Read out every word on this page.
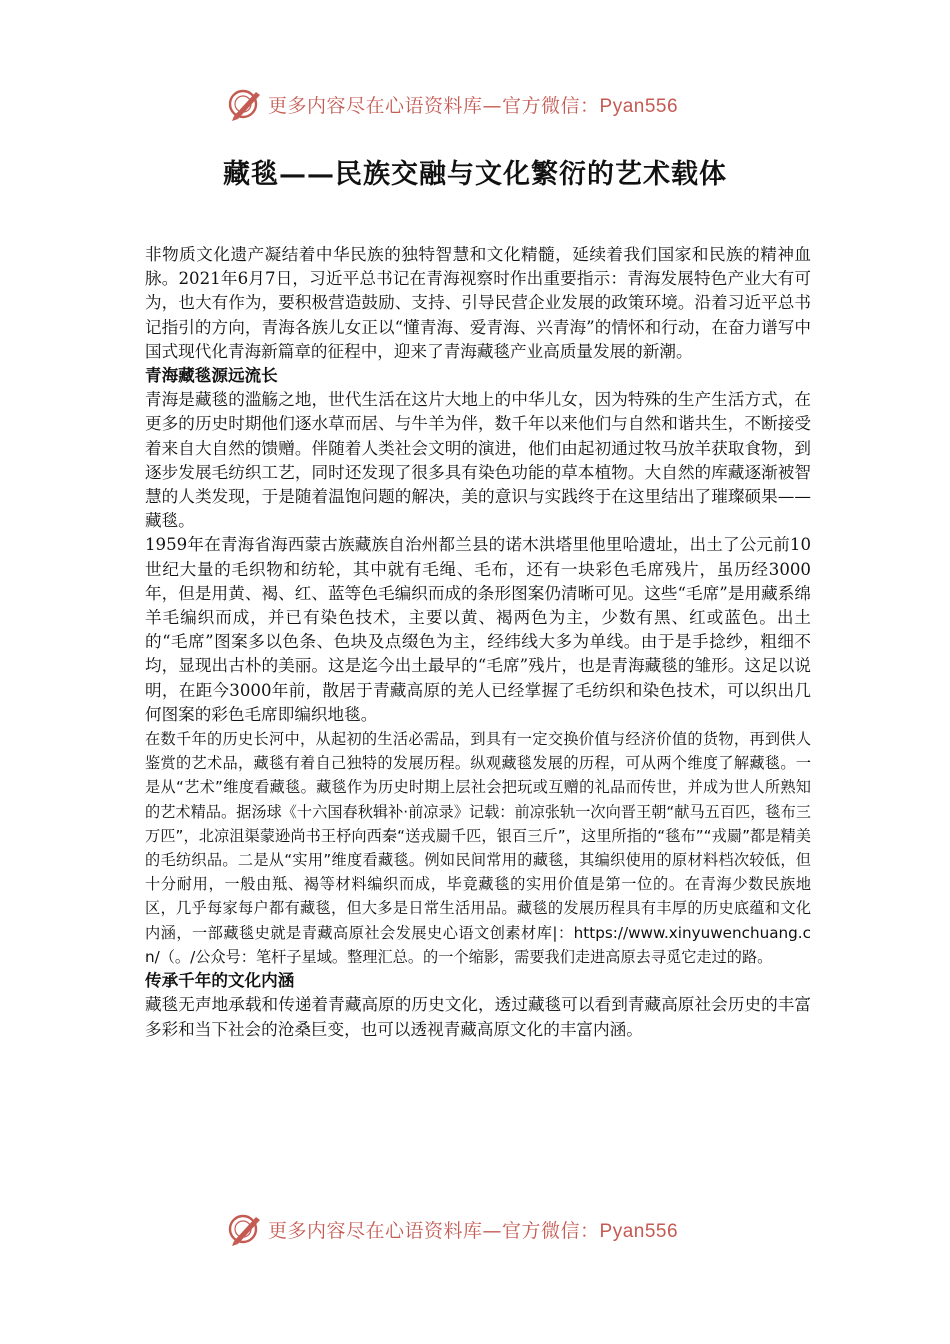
更多内容尽在心语资料库—官方微信：Pyan556
藏毯——民族交融与文化繁衍的艺术载体

非物质文化遗产凝结着中华民族的独特智慧和文化精髓，延续着我们国家和民族的精神血脉。2021年6月7日，习近平总书记在青海视察时作出重要指示：青海发展特色产业大有可为，也大有作为，要积极营造鼓励、支持、引导民营企业发展的政策环境。沿着习近平总书记指引的方向，青海各族儿女正以“懂青海、爱青海、兴青海”的情怀和行动，在奋力谱写中国式现代化青海新篇章的征程中，迎来了青海藏毯产业高质量发展的新潮。

青海藏毯源远流长

青海是藏毯的滥觞之地，世代生活在这片大地上的中华儿女，因为特殊的生产生活方式，在更多的历史时期他们逐水草而居、与牛羊为伴，数千年以来他们与自然和谐共生，不断接受着来自大自然的馈赠。伴随着人类社会文明的演进，他们由起初通过牧马放羊获取食物，到逐步发展毛纺织工艺，同时还发现了很多具有染色功能的草本植物。大自然的库藏逐渐被智慧的人类发现，于是随着温饱问题的解决，美的意识与实践终于在这里结出了璀璨硕果——藏毯。

1959年在青海省海西蒙古族藏族自治州都兰县的诺木洪塔里他里哈遗址，出土了公元前10世纪大量的毛织物和纺轮，其中就有毛绳、毛布，还有一块彩色毛席残片，虽历经3000年，但是用黄、褐、红、蓝等色毛编织而成的条形图案仍清晰可见。这些“毛席”是用藏系绵羊毛编织而成，并已有染色技术，主要以黄、褐两色为主，少数有黑、红或蓝色。出土的“毛席”图案多以色条、色块及点缀色为主，经纬线大多为单线。由于是手捻纱，粗细不均，显现出古朴的美丽。这是迄今出土最早的“毛席”残片，也是青海藏毯的雏形。这足以说明，在距今3000年前，散居于青藏高原的羌人已经掌握了毛纺织和染色技术，可以织出几何图案的彩色毛席即编织地毯。

在数千年的历史长河中，从起初的生活必需品，到具有一定交换价值与经济价值的货物，再到供人鉴赏的艺术品，藏毯有着自己独特的发展历程。纵观藏毯发展的历程，可从两个维度了解藏毯。一是从“艺术”维度看藏毯。藏毯作为历史时期上层社会把玩或互赠的礼品而传世，并成为世人所熟知的艺术精品。据汤球《十六国春秋辑补·前凉录》记载：前凉张轨一次向晋王朝“献马五百匹，毯布三万匹”，北凉沮渠蒙逊尚书王杼向西秦“送戎罽千匹，银百三斤”，这里所指的“毯布”“戎罽”都是精美的毛纺织品。二是从“实用”维度看藏毯。例如民间常用的藏毯，其编织使用的原材料档次较低，但十分耐用，一般由羝、褐等材料编织而成，毕竟藏毯的实用价值是第一位的。在青海少数民族地区，几乎每家每户都有藏毯，但大多是日常生活用品。藏毯的发展历程具有丰厚的历史底蕴和文化内涵，一部藏毯史就是青藏高原社会发展史心语文创素材库|：https://www.xinyuwenchuang.cn/（。/公众号：笔杆子星域。整理汇总。的一个缩影，需要我们走进高原去寻觅它走过的路。

传承千年的文化内涵

藏毯无声地承载和传递着青藏高原的历史文化，透过藏毯可以看到青藏高原社会历史的丰富多彩和当下社会的沧桑巨变，也可以透视青藏高原文化的丰富内涵。

更多内容尽在心语资料库—官方微信：Pyan556
